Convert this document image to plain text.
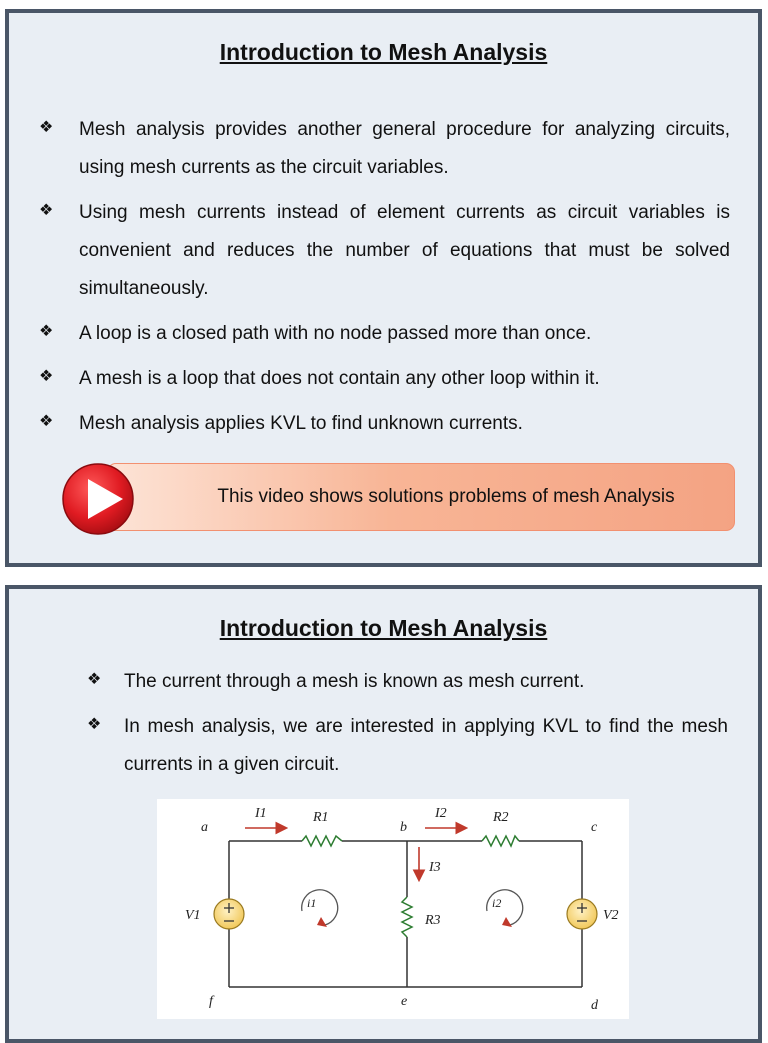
Introduction to Mesh Analysis
❖ Mesh analysis provides another general procedure for analyzing circuits, using mesh currents as the circuit variables.
❖ Using mesh currents instead of element currents as circuit variables is convenient and reduces the number of equations that must be solved simultaneously.
❖ A loop is a closed path with no node passed more than once.
❖ A mesh is a loop that does not contain any other loop within it.
❖ Mesh analysis applies KVL to find unknown currents.
This video shows solutions problems of mesh Analysis
Introduction to Mesh Analysis
❖ The current through a mesh is known as mesh current.
❖ In mesh analysis, we are interested in applying KVL to find the mesh currents in a given circuit.
a	b	c
d
e
f
R1	R2
R3
V1	V2
I1	I2
I3
i1	i2
